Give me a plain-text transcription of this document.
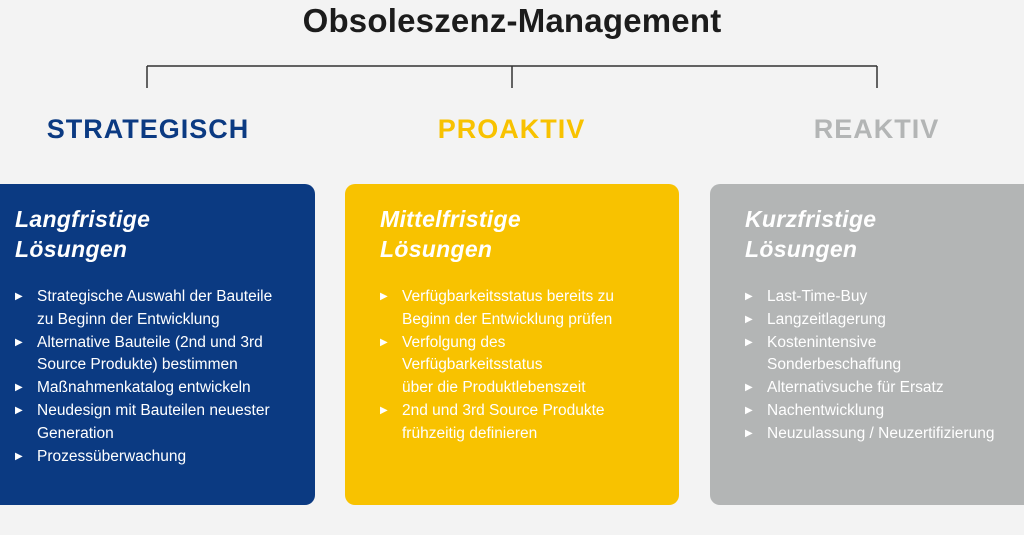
Obsoleszenz-Management
STRATEGISCH	PROAKTIV	REAKTIV
Langfristige
Lösungen
▶ Strategische Auswahl der Bauteile
zu Beginn der Entwicklung
▶ Alternative Bauteile (2nd und 3rd
Source Produkte) bestimmen
▶ Maßnahmenkatalog entwickeln
▶ Neudesign mit Bauteilen neuester
Generation
▶ Prozessüberwachung
Mittelfristige
Lösungen
▶ Verfügbarkeitsstatus bereits zu
Beginn der Entwicklung prüfen
▶ Verfolgung des
Verfügbarkeitsstatus
über die Produktlebenszeit
▶ 2nd und 3rd Source Produkte
frühzeitig definieren
Kurzfristige
Lösungen
▶ Last-Time-Buy
▶ Langzeitlagerung
▶ Kostenintensive
Sonderbeschaffung
▶ Alternativsuche für Ersatz
▶ Nachentwicklung
▶ Neuzulassung / Neuzertifizierung
